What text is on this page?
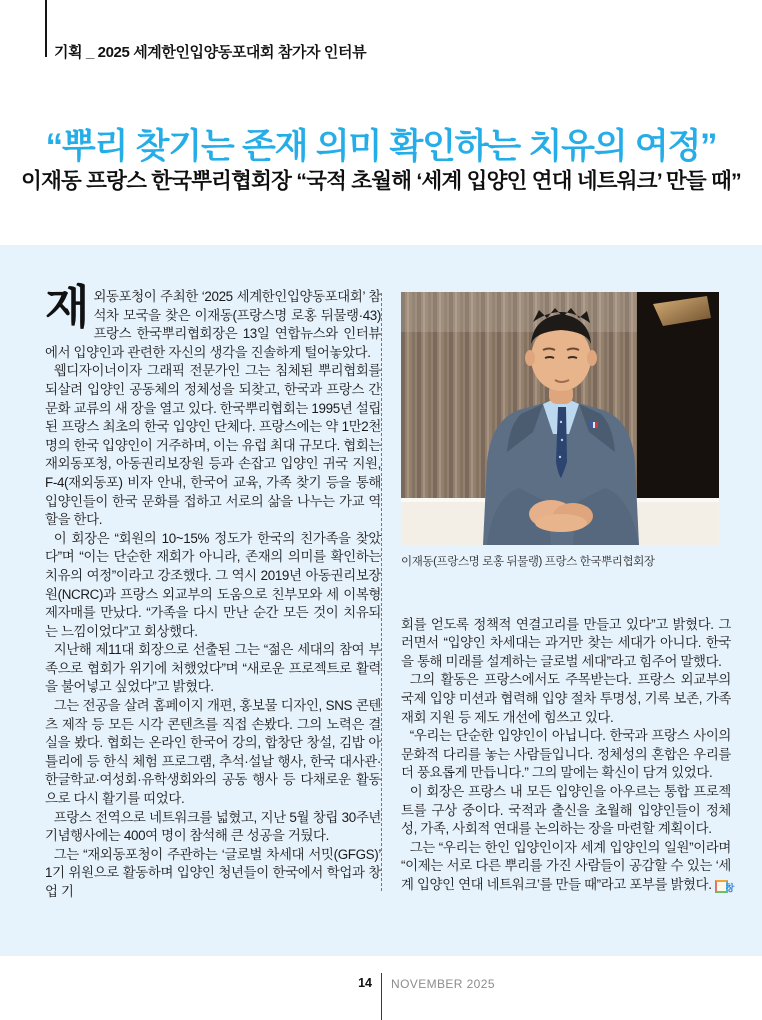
기획 _ 2025 세계한인입양동포대회 참가자 인터뷰
“뿌리 찾기는 존재 의미 확인하는 치유의 여정”
이재동 프랑스 한국뿌리협회장 “국적 초월해 ‘세계 입양인 연대 네트워크’ 만들 때”

재외동포청이 주최한 ‘2025 세계한인입양동포대회’ 참석차 모국을 찾은 이재동(프랑스명 로홍 뒤물랭·43) 프랑스 한국뿌리협회장은 13일 연합뉴스와 인터뷰에서 입양인과 관련한 자신의 생각을 진솔하게 털어놓았다.

웹디자이너이자 그래픽 전문가인 그는 침체된 뿌리협회를 되살려 입양인 공동체의 정체성을 되찾고, 한국과 프랑스 간 문화 교류의 새 장을 열고 있다. 한국뿌리협회는 1995년 설립된 프랑스 최초의 한국 입양인 단체다. 프랑스에는 약 1만2천 명의 한국 입양인이 거주하며, 이는 유럽 최대 규모다. 협회는 재외동포청, 아동권리보장원 등과 손잡고 입양인 귀국 지원, F-4(재외동포) 비자 안내, 한국어 교육, 가족 찾기 등을 통해 입양인들이 한국 문화를 접하고 서로의 삶을 나누는 가교 역할을 한다.

이 회장은 “회원의 10~15% 정도가 한국의 친가족을 찾았다”며 “이는 단순한 재회가 아니라, 존재의 의미를 확인하는 치유의 여정”이라고 강조했다. 그 역시 2019년 아동권리보장원(NCRC)과 프랑스 외교부의 도움으로 친부모와 세 이복형제자매를 만났다. “가족을 다시 만난 순간 모든 것이 치유되는 느낌이었다”고 회상했다.

지난해 제11대 회장으로 선출된 그는 “젊은 세대의 참여 부족으로 협회가 위기에 처했었다”며 “새로운 프로젝트로 활력을 불어넣고 싶었다”고 밝혔다.

그는 전공을 살려 홈페이지 개편, 홍보물 디자인, SNS 콘텐츠 제작 등 모든 시각 콘텐츠를 직접 손봤다. 그의 노력은 결실을 봤다. 협회는 온라인 한국어 강의, 합창단 창설, 김밥 아틀리에 등 한식 체험 프로그램, 추석·설날 행사, 한국 대사관·한글학교·여성회·유학생회와의 공동 행사 등 다채로운 활동으로 다시 활기를 띠었다.

프랑스 전역으로 네트워크를 넓혔고, 지난 5월 창립 30주년 기념행사에는 400여 명이 참석해 큰 성공을 거뒀다.

그는 “재외동포청이 주관하는 ‘글로벌 차세대 서밋(GFGS)’ 1기 위원으로 활동하며 입양인 청년들이 한국에서 학업과 창업 기

이재동(프랑스명 로홍 뒤물랭) 프랑스 한국뿌리협회장

회를 얻도록 정책적 연결고리를 만들고 있다”고 밝혔다. 그러면서 “입양인 차세대는 과거만 찾는 세대가 아니다. 한국을 통해 미래를 설계하는 글로벌 세대”라고 힘주어 말했다.

그의 활동은 프랑스에서도 주목받는다. 프랑스 외교부의 국제 입양 미션과 협력해 입양 절차 투명성, 기록 보존, 가족 재회 지원 등 제도 개선에 힘쓰고 있다.

“우리는 단순한 입양인이 아닙니다. 한국과 프랑스 사이의 문화적 다리를 놓는 사람들입니다. 정체성의 혼합은 우리를 더 풍요롭게 만듭니다.” 그의 말에는 확신이 담겨 있었다.

이 회장은 프랑스 내 모든 입양인을 아우르는 통합 프로젝트를 구상 중이다. 국적과 출신을 초월해 입양인들이 정체성, 가족, 사회적 연대를 논의하는 장을 마련할 계획이다.

그는 “우리는 한인 입양인이자 세계 입양인의 일원”이라며 “이제는 서로 다른 뿌리를 가진 사람들이 공감할 수 있는 ‘세계 입양인 연대 네트워크’를 만들 때”라고 포부를 밝혔다. 창

14 NOVEMBER 2025
